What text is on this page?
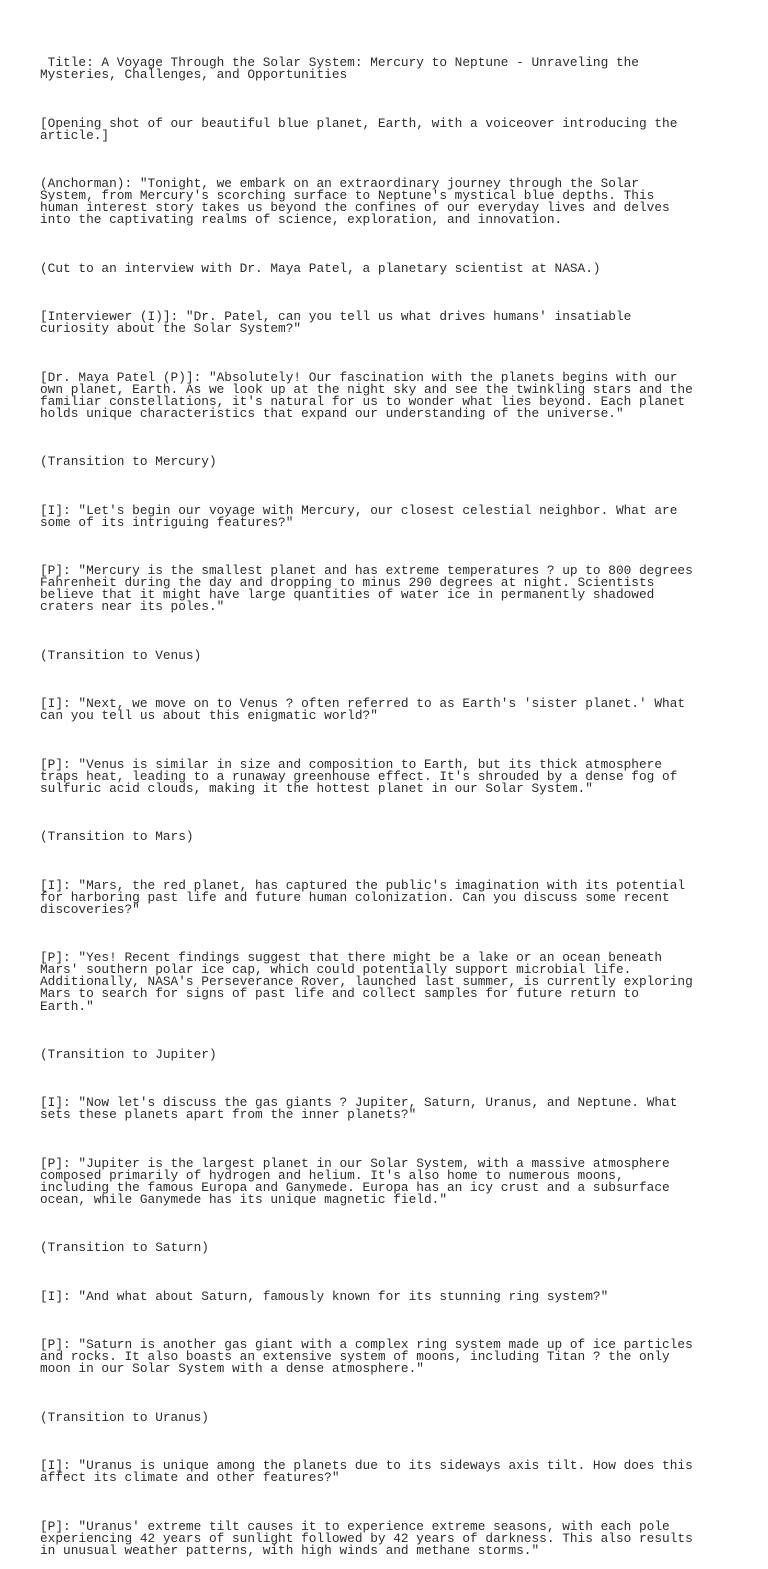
Title: A Voyage Through the Solar System: Mercury to Neptune - Unraveling the
Mysteries, Challenges, and Opportunities

[Opening shot of our beautiful blue planet, Earth, with a voiceover introducing the
article.]

(Anchorman): "Tonight, we embark on an extraordinary journey through the Solar
System, from Mercury's scorching surface to Neptune's mystical blue depths. This
human interest story takes us beyond the confines of our everyday lives and delves
into the captivating realms of science, exploration, and innovation.

(Cut to an interview with Dr. Maya Patel, a planetary scientist at NASA.)

[Interviewer (I)]: "Dr. Patel, can you tell us what drives humans' insatiable
curiosity about the Solar System?"

[Dr. Maya Patel (P)]: "Absolutely! Our fascination with the planets begins with our
own planet, Earth. As we look up at the night sky and see the twinkling stars and the
familiar constellations, it's natural for us to wonder what lies beyond. Each planet
holds unique characteristics that expand our understanding of the universe."

(Transition to Mercury)

[I]: "Let's begin our voyage with Mercury, our closest celestial neighbor. What are
some of its intriguing features?"

[P]: "Mercury is the smallest planet and has extreme temperatures ? up to 800 degrees
Fahrenheit during the day and dropping to minus 290 degrees at night. Scientists
believe that it might have large quantities of water ice in permanently shadowed
craters near its poles."

(Transition to Venus)

[I]: "Next, we move on to Venus ? often referred to as Earth's 'sister planet.' What
can you tell us about this enigmatic world?"

[P]: "Venus is similar in size and composition to Earth, but its thick atmosphere
traps heat, leading to a runaway greenhouse effect. It's shrouded by a dense fog of
sulfuric acid clouds, making it the hottest planet in our Solar System."

(Transition to Mars)

[I]: "Mars, the red planet, has captured the public's imagination with its potential
for harboring past life and future human colonization. Can you discuss some recent
discoveries?"

[P]: "Yes! Recent findings suggest that there might be a lake or an ocean beneath
Mars' southern polar ice cap, which could potentially support microbial life.
Additionally, NASA's Perseverance Rover, launched last summer, is currently exploring
Mars to search for signs of past life and collect samples for future return to
Earth."

(Transition to Jupiter)

[I]: "Now let's discuss the gas giants ? Jupiter, Saturn, Uranus, and Neptune. What
sets these planets apart from the inner planets?"

[P]: "Jupiter is the largest planet in our Solar System, with a massive atmosphere
composed primarily of hydrogen and helium. It's also home to numerous moons,
including the famous Europa and Ganymede. Europa has an icy crust and a subsurface
ocean, while Ganymede has its unique magnetic field."

(Transition to Saturn)

[I]: "And what about Saturn, famously known for its stunning ring system?"

[P]: "Saturn is another gas giant with a complex ring system made up of ice particles
and rocks. It also boasts an extensive system of moons, including Titan ? the only
moon in our Solar System with a dense atmosphere."

(Transition to Uranus)

[I]: "Uranus is unique among the planets due to its sideways axis tilt. How does this
affect its climate and other features?"

[P]: "Uranus' extreme tilt causes it to experience extreme seasons, with each pole
experiencing 42 years of sunlight followed by 42 years of darkness. This also results
in unusual weather patterns, with high winds and methane storms."
